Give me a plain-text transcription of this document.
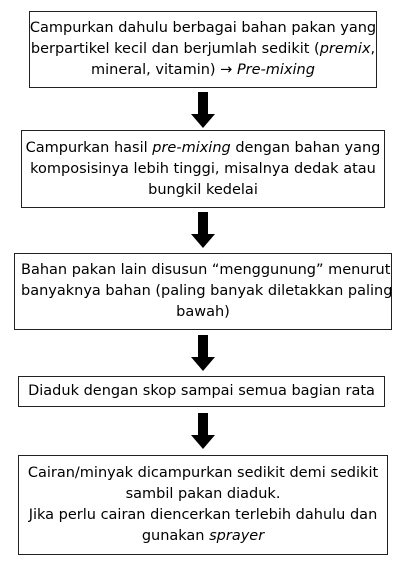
Campurkan dahulu berbagai bahan pakan yang
berpartikel kecil dan berjumlah sedikit (premix,
mineral, vitamin) → Pre-mixing
Campurkan hasil pre-mixing dengan bahan yang
komposisinya lebih tinggi, misalnya dedak atau
bungkil kedelai
Bahan pakan lain disusun “menggunung” menurut
banyaknya bahan (paling banyak diletakkan paling
bawah)
Diaduk dengan skop sampai semua bagian rata
Cairan/minyak dicampurkan sedikit demi sedikit
sambil pakan diaduk.
Jika perlu cairan diencerkan terlebih dahulu dan
gunakan sprayer
